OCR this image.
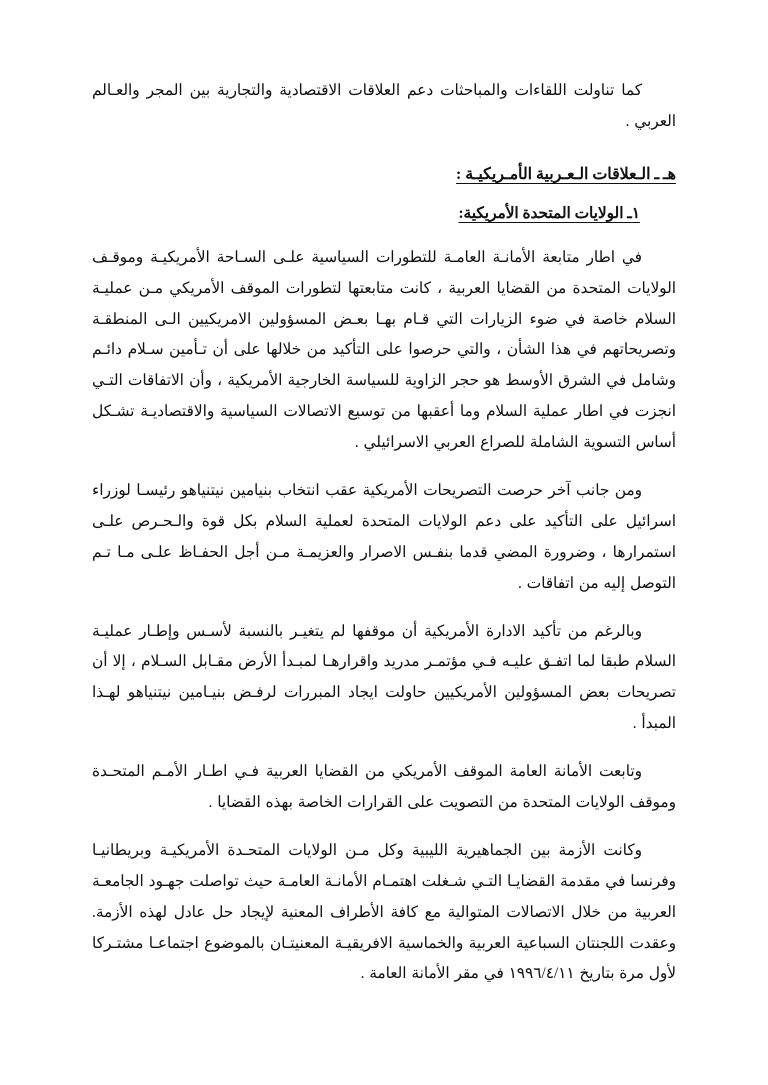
كما تناولت اللقاءات والمباحثات دعم العلاقات الاقتصادية والتجارية بين المجر والعـالم العربي .

هـ ـ الـعلاقات الـعـربية الأمـريكيـة :
١ـ الولايات المتحدة الأمريكية:

في اطار متابعة الأمانـة العامـة للتطورات السياسية علـى السـاحة الأمريكيـة وموقـف الولايات المتحدة من القضايا العربية ، كانت متابعتها لتطورات الموقف الأمريكي مـن عمليـة السلام خاصة في ضوء الزيارات التي قـام بهـا بعـض المسؤولين الامريكيين الـى المنطقـة وتصريحاتهم في هذا الشأن ، والتي حرصوا على التأكيد من خلالها على أن تـأمين سـلام دائـم وشامل في الشرق الأوسط هو حجر الزاوية للسياسة الخارجية الأمريكية ، وأن الاتفاقات التـي انجزت في اطار عملية السلام وما أعقبها من توسيع الاتصالات السياسية والاقتصاديـة تشـكل أساس التسوية الشاملة للصراع العربي الاسرائيلي .

ومن جانب آخر حرصت التصريحات الأمريكية عقب انتخاب بنيامين نيتنياهو رئيسـا لوزراء اسرائيل على التأكيد على دعم الولايات المتحدة لعملية السلام بكل قوة والـحـرص علـى استمرارها ، وضرورة المضي قدما بنفـس الاصرار والعزيمـة مـن أجل الحفـاظ علـى مـا تـم التوصل إليه من اتفاقات .

وبالرغم من تأكيد الادارة الأمريكية أن موقفها لم يتغيـر بالنسبة لأسـس وإطـار عمليـة السلام طبقا لما اتفـق عليـه فـي مؤتمـر مدريد واقرارهـا لمبـدأ الأرض مقـابل السـلام ، إلا أن تصريحات بعض المسؤولين الأمريكيين حاولت ايجاد المبررات لرفـض بنيـامين نيتنياهو لهـذا المبدأ .

وتابعت الأمانة العامة الموقف الأمريكي من القضايا العربية فـي اطـار الأمـم المتحـدة وموقف الولايات المتحدة من التصويت على القرارات الخاصة بهذه القضايا .

وكانت الأزمة بين الجماهيرية الليبية وكل مـن الولايات المتحـدة الأمريكيـة وبريطانيـا وفرنسا في مقدمة القضايـا التـي شـغلت اهتمـام الأمانـة العامـة حيث تواصلت جهـود الجامعـة العربية من خلال الاتصالات المتوالية مع كافة الأطراف المعنية لإيجاد حل عادل لهذه الأزمة. وعقدت اللجنتان السباعية العربية والخماسية الافريقيـة المعنيتـان بالموضوع اجتماعـا مشتـركا لأول مرة بتاريخ ١٩٩٦/٤/١١ في مقر الأمانة العامة .
